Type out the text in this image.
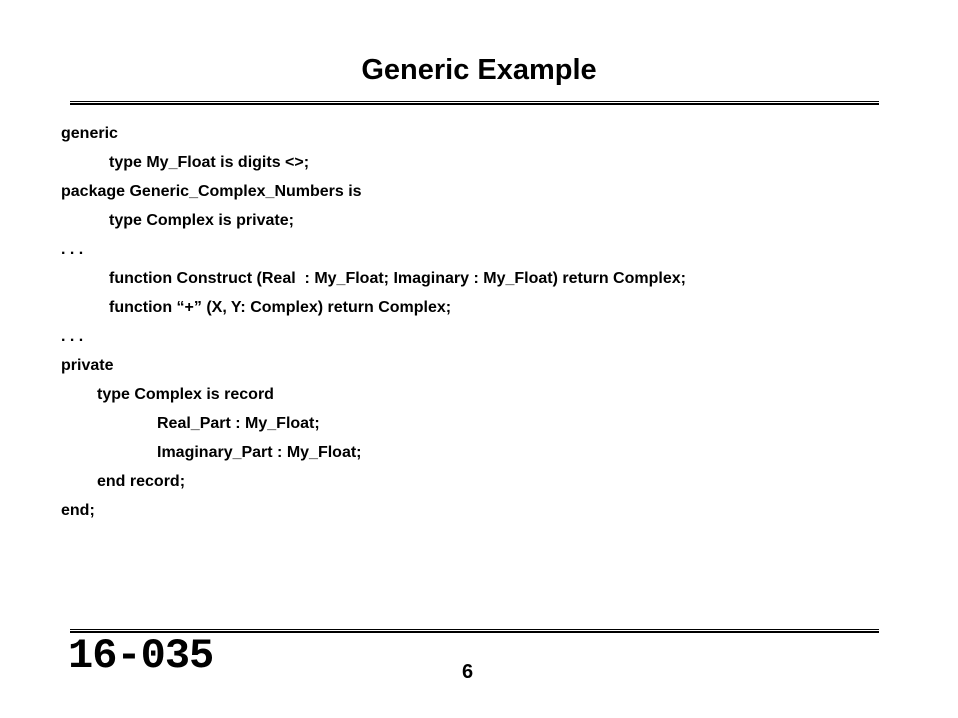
Generic Example
generic
type My_Float is digits <>;
package Generic_Complex_Numbers is
type Complex is private;
. . .
function Construct (Real  : My_Float; Imaginary : My_Float) return Complex;
function “+” (X, Y: Complex) return Complex;
. . .
private
type Complex is record
Real_Part : My_Float;
Imaginary_Part : My_Float;
end record;
end;
16-035	6
